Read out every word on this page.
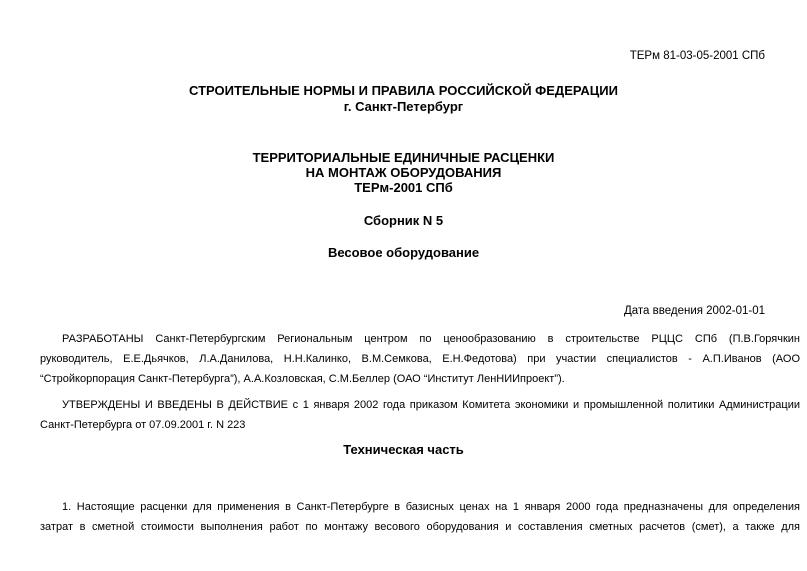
ТЕРм 81-03-05-2001 СПб
СТРОИТЕЛЬНЫЕ НОРМЫ И ПРАВИЛА РОССИЙСКОЙ ФЕДЕРАЦИИ
г. Санкт-Петербург
ТЕРРИТОРИАЛЬНЫЕ ЕДИНИЧНЫЕ РАСЦЕНКИ
НА МОНТАЖ ОБОРУДОВАНИЯ
ТЕРм-2001 СПб
Сборник N 5
Весовое оборудование
Дата введения 2002-01-01
РАЗРАБОТАНЫ Санкт-Петербургским Региональным центром по ценообразованию в строительстве РЦЦС СПб (П.В.Горячкин
руководитель, Е.Е.Дьячков, Л.А.Данилова, Н.Н.Калинко, В.М.Семкова, Е.Н.Федотова) при участии специалистов - А.П.Иванов (АОО
“Стройкорпорация Санкт-Петербурга”), А.А.Козловская, С.М.Беллер (ОАО “Институт ЛенНИИпроект”).
УТВЕРЖДЕНЫ И ВВЕДЕНЫ В ДЕЙСТВИЕ с 1 января 2002 года приказом Комитета экономики и промышленной политики Администрации
Санкт-Петербурга от 07.09.2001 г. N 223
Техническая часть
1. Настоящие расценки для применения в Санкт-Петербурге в базисных ценах на 1 января 2000 года предназначены для определения
затрат в сметной стоимости выполнения работ по монтажу весового оборудования и составления сметных расчетов (смет), а также для
